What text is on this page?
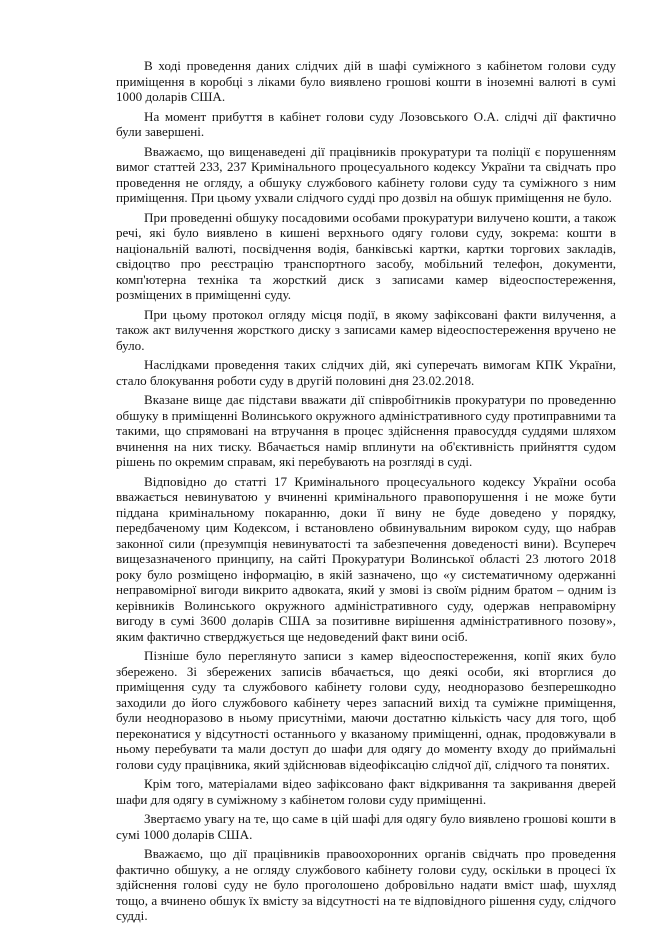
В ході проведення даних слідчих дій в шафі суміжного з кабінетом голови суду приміщення в коробці з ліками було виявлено грошові кошти в іноземні валюті в сумі 1000 доларів США.

На момент прибуття в кабінет голови суду Лозовського О.А. слідчі дії фактично були завершені.

Вважаємо, що вищенаведені дії працівників прокуратури та поліції є порушенням вимог статтей 233, 237 Кримінального процесуального кодексу України та свідчать про проведення не огляду, а обшуку службового кабінету голови суду та суміжного з ним приміщення. При цьому ухвали слідчого судді про дозвіл на обшук приміщення не було.

При проведенні обшуку посадовими особами прокуратури вилучено кошти, а також речі, які було виявлено в кишені верхнього одягу голови суду, зокрема: кошти в національній валюті, посвідчення водія, банківські картки, картки торгових закладів, свідоцтво про реєстрацію транспортного засобу, мобільний телефон, документи, комп'ютерна техніка та жорсткий диск з записами камер відеоспостереження, розміщених в приміщенні суду.

При цьому протокол огляду місця події, в якому зафіксовані факти вилучення, а також акт вилучення жорсткого диску з записами камер відеоспостереження вручено не було.

Наслідками проведення таких слідчих дій, які суперечать вимогам КПК України, стало блокування роботи суду в другій половині дня 23.02.2018.

Вказане вище дає підстави вважати дії співробітників прокуратури по проведенню обшуку в приміщенні Волинського окружного адміністративного суду протиправними та такими, що спрямовані на втручання в процес здійснення правосуддя суддями шляхом вчинення на них тиску. Вбачається намір вплинути на об'єктивність прийняття судом рішень по окремим справам, які перебувають на розгляді в суді.

Відповідно до статті 17 Кримінального процесуального кодексу України особа вважається невинуватою у вчиненні кримінального правопорушення і не може бути піддана кримінальному покаранню, доки її вину не буде доведено у порядку, передбаченому цим Кодексом, і встановлено обвинувальним вироком суду, що набрав законної сили (презумпція невинуватості та забезпечення доведеності вини). Всупереч вищезазначеного принципу, на сайті Прокуратури Волинської області 23 лютого 2018 року було розміщено інформацію, в якій зазначено, що «у систематичному одержанні неправомірної вигоди викрито адвоката, який у змові із своїм рідним братом – одним із керівників Волинського окружного адміністративного суду, одержав неправомірну вигоду в сумі 3600 доларів США за позитивне вирішення адміністративного позову», яким фактично стверджується ще недоведений факт вини осіб.

Пізніше було переглянуто записи з камер відеоспостереження, копії яких було збережено. Зі збережених записів вбачається, що деякі особи, які вторглися до приміщення суду та службового кабінету голови суду, неодноразово безперешкодно заходили до його службового кабінету через запасний вихід та суміжне приміщення, були неодноразово в ньому присутніми, маючи достатню кількість часу для того, щоб переконатися у відсутності останнього у вказаному приміщенні, однак, продовжували в ньому перебувати та мали доступ до шафи для одягу до моменту входу до приймальні голови суду працівника, який здійснював відеофіксацію слідчої дії, слідчого та понятих.

Крім того, матеріалами відео зафіксовано факт відкривання та закривання дверей шафи для одягу в суміжному з кабінетом голови суду приміщенні.

Звертаємо увагу на те, що саме в цій шафі для одягу було виявлено грошові кошти в сумі 1000 доларів США.

Вважаємо, що дії працівників правоохоронних органів свідчать про проведення фактично обшуку, а не огляду службового кабінету голови суду, оскільки в процесі їх здійснення голові суду не було проголошено добровільно надати вміст шаф, шухляд тощо, а вчинено обшук їх вмісту за відсутності на те відповідного рішення суду, слідчого судді.
